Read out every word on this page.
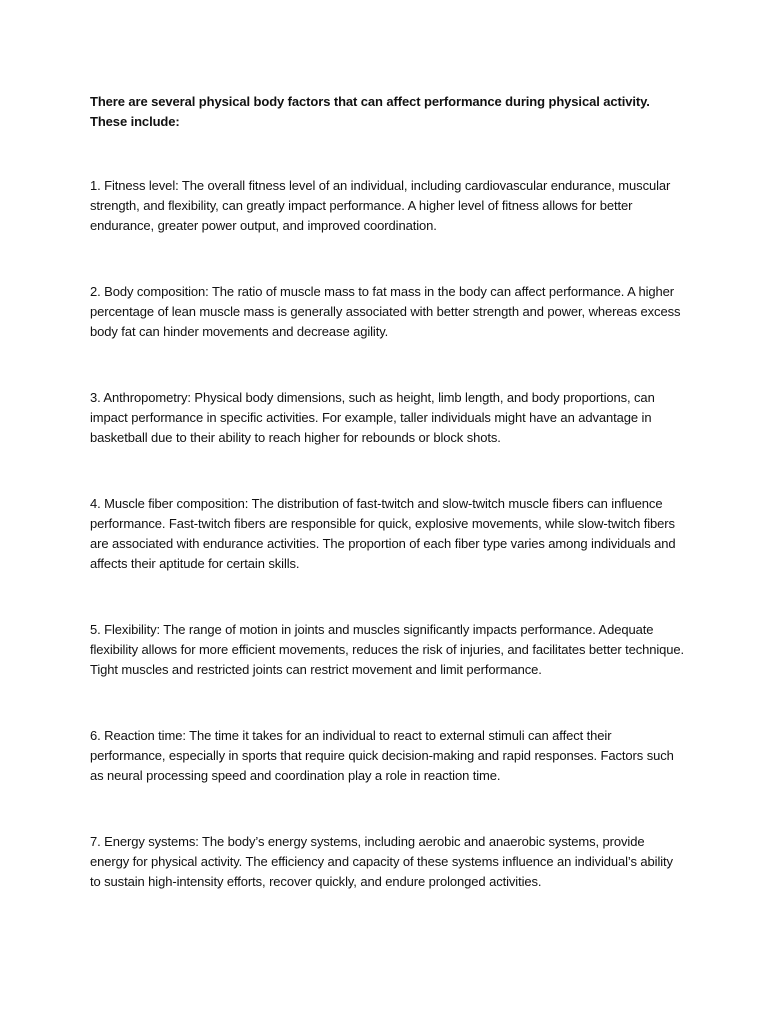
There are several physical body factors that can affect performance during physical activity. These include:

1. Fitness level: The overall fitness level of an individual, including cardiovascular endurance, muscular strength, and flexibility, can greatly impact performance. A higher level of fitness allows for better endurance, greater power output, and improved coordination.

2. Body composition: The ratio of muscle mass to fat mass in the body can affect performance. A higher percentage of lean muscle mass is generally associated with better strength and power, whereas excess body fat can hinder movements and decrease agility.

3. Anthropometry: Physical body dimensions, such as height, limb length, and body proportions, can impact performance in specific activities. For example, taller individuals might have an advantage in basketball due to their ability to reach higher for rebounds or block shots.

4. Muscle fiber composition: The distribution of fast-twitch and slow-twitch muscle fibers can influence performance. Fast-twitch fibers are responsible for quick, explosive movements, while slow-twitch fibers are associated with endurance activities. The proportion of each fiber type varies among individuals and affects their aptitude for certain skills.

5. Flexibility: The range of motion in joints and muscles significantly impacts performance. Adequate flexibility allows for more efficient movements, reduces the risk of injuries, and facilitates better technique. Tight muscles and restricted joints can restrict movement and limit performance.

6. Reaction time: The time it takes for an individual to react to external stimuli can affect their performance, especially in sports that require quick decision-making and rapid responses. Factors such as neural processing speed and coordination play a role in reaction time.

7. Energy systems: The body’s energy systems, including aerobic and anaerobic systems, provide energy for physical activity. The efficiency and capacity of these systems influence an individual’s ability to sustain high-intensity efforts, recover quickly, and endure prolonged activities.
